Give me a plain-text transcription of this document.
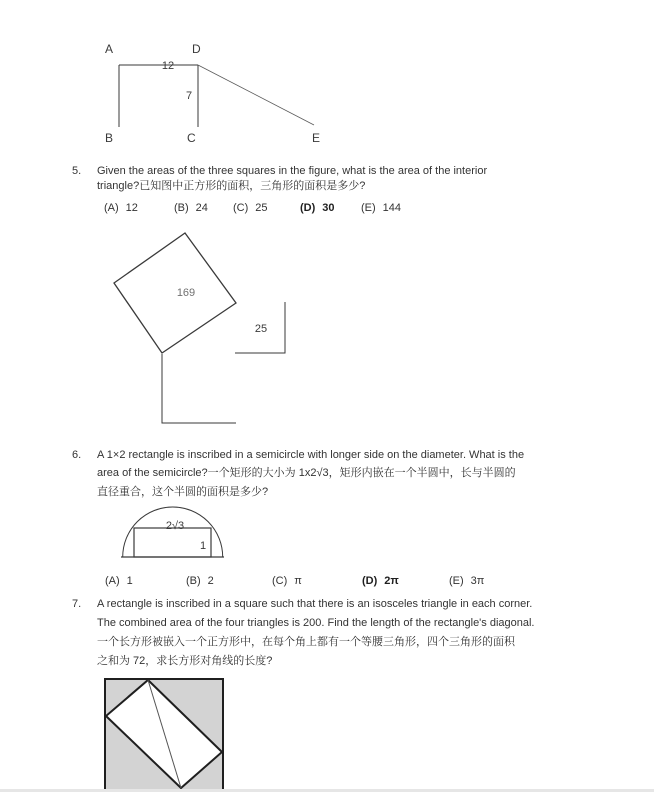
A	D
B	C	E
12
7
5.	Given the areas of the three squares in the figure, what is the area of the interior
triangle?已知图中正方形的面积，三角形的面积是多少?
(A) 12	(B) 24 (C) 25	(D) 30 (E) 144
169
25
6.	A 1×2 rectangle is inscribed in a semicircle with longer side on the diameter. What is the
area of the semicircle?一个矩形的大小为 1x2√3，矩形内嵌在一个半圆中，长与半圆的
直径重合，这个半圆的面积是多少?
2√3
1
(A) 1	(B) 2	(C) π	(D) 2π	(E) 3π
7.	A rectangle is inscribed in a square such that there is an isosceles triangle in each corner.
The combined area of the four triangles is 200. Find the length of the rectangle's diagonal.
一个长方形被嵌入一个正方形中，在每个角上都有一个等腰三角形，四个三角形的面积
之和为 72，求长方形对角线的长度?
